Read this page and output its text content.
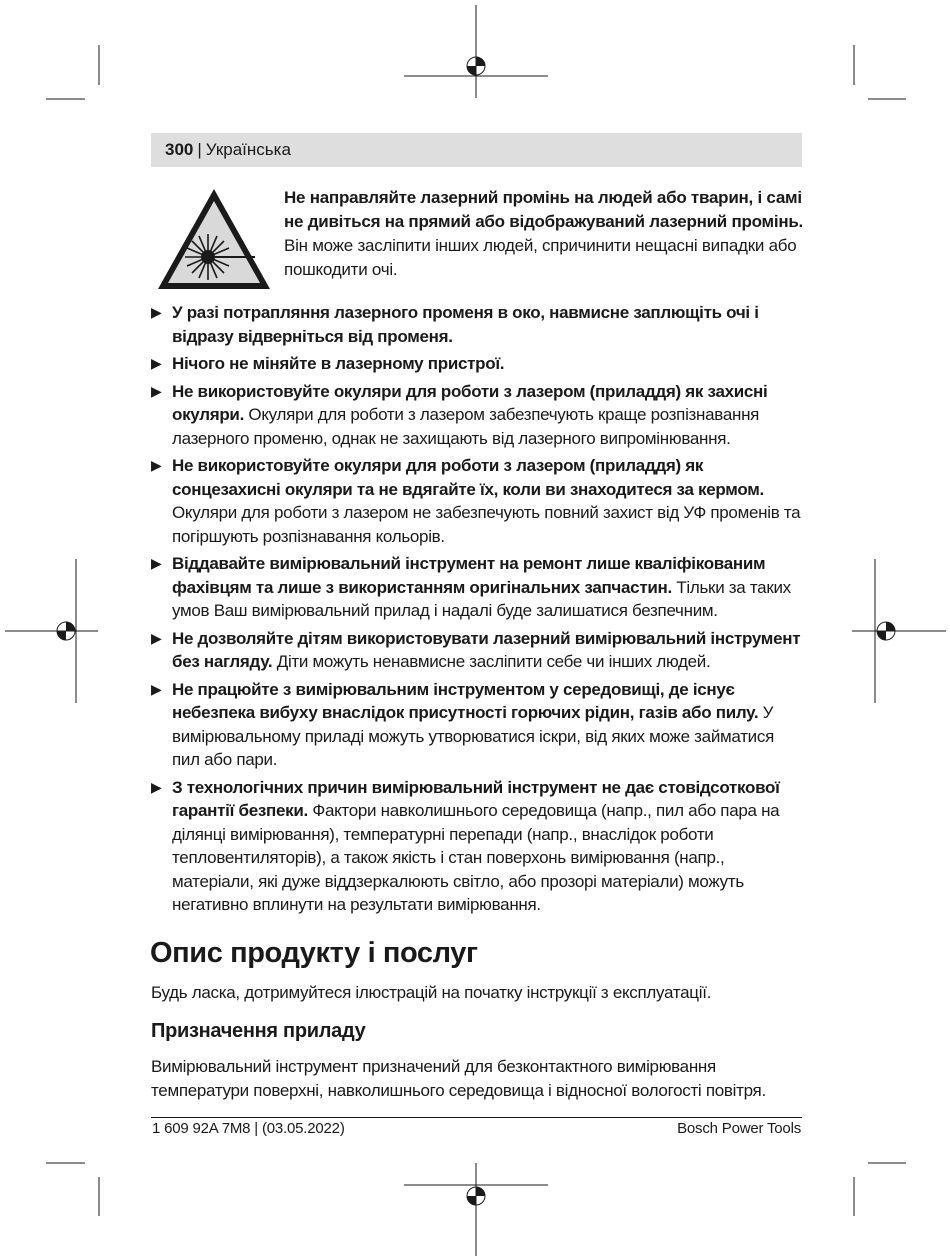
300 | Українська
Не направляйте лазерний промінь на людей або тварин, і самі не дивіться на прямий або відображуваний лазерний промінь. Він може засліпити інших людей, спричинити нещасні випадки або пошкодити очі.
▶ У разі потрапляння лазерного променя в око, навмисне заплющіть очі і відразу відверніться від променя.
▶ Нічого не міняйте в лазерному пристрої.
▶ Не використовуйте окуляри для роботи з лазером (приладдя) як захисні окуляри. Окуляри для роботи з лазером забезпечують краще розпізнавання лазерного променю, однак не захищають від лазерного випромінювання.
▶ Не використовуйте окуляри для роботи з лазером (приладдя) як сонцезахисні окуляри та не вдягайте їх, коли ви знаходитеся за кермом. Окуляри для роботи з лазером не забезпечують повний захист від УФ променів та погіршують розпізнавання кольорів.
▶ Віддавайте вимірювальний інструмент на ремонт лише кваліфікованим фахівцям та лише з використанням оригінальних запчастин. Тільки за таких умов Ваш вимірювальний прилад і надалі буде залишатися безпечним.
▶ Не дозволяйте дітям використовувати лазерний вимірювальний інструмент без нагляду. Діти можуть ненавмисне засліпити себе чи інших людей.
▶ Не працюйте з вимірювальним інструментом у середовищі, де існує небезпека вибуху внаслідок присутності горючих рідин, газів або пилу. У вимірювальному приладі можуть утворюватися іскри, від яких може займатися пил або пари.
▶ З технологічних причин вимірювальний інструмент не дає стовідсоткової гарантії безпеки. Фактори навколишнього середовища (напр., пил або пара на ділянці вимірювання), температурні перепади (напр., внаслідок роботи тепловентиляторів), а також якість і стан поверхонь вимірювання (напр., матеріали, які дуже віддзеркалюють світло, або прозорі матеріали) можуть негативно вплинути на результати вимірювання.
Опис продукту і послуг
Будь ласка, дотримуйтеся ілюстрацій на початку інструкції з експлуатації.
Призначення приладу
Вимірювальний інструмент призначений для безконтактного вимірювання температури поверхні, навколишнього середовища і відносної вологості повітря.
1 609 92A 7M8 | (03.05.2022)	Bosch Power Tools
